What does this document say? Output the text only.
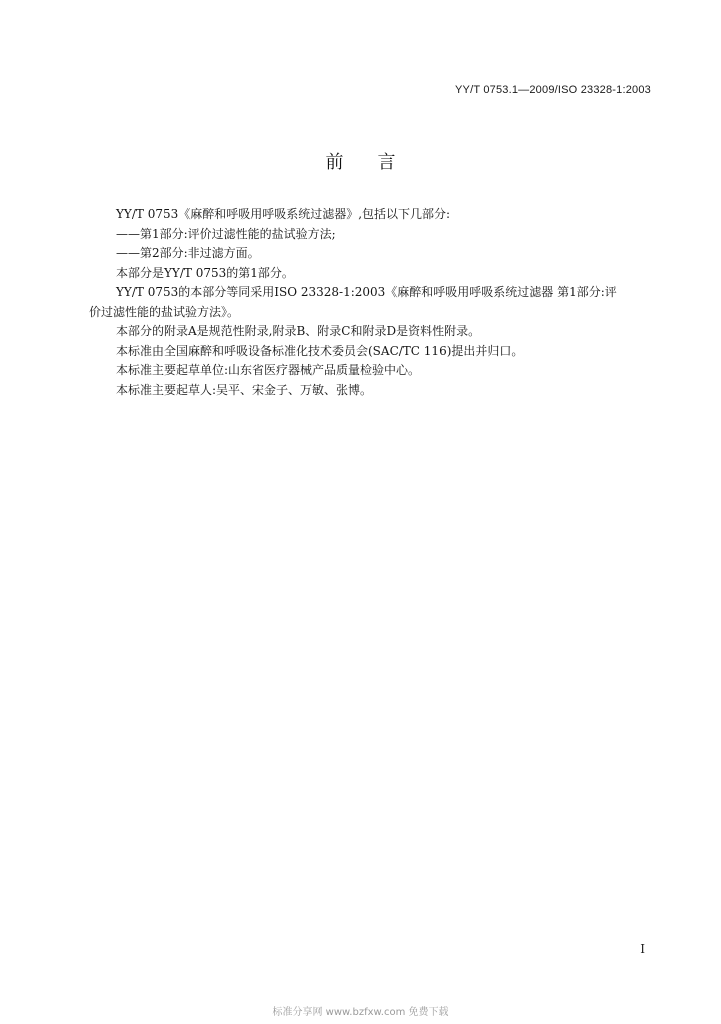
YY/T 0753.1—2009/ISO 23328-1:2003
前言

YY/T 0753《麻醉和呼吸用呼吸系统过滤器》,包括以下几部分:

——第1部分:评价过滤性能的盐试验方法;

——第2部分:非过滤方面。

本部分是YY/T 0753的第1部分。

YY/T 0753的本部分等同采用ISO 23328-1:2003《麻醉和呼吸用呼吸系统过滤器 第1部分:评

价过滤性能的盐试验方法》。

本部分的附录A是规范性附录,附录B、附录C和附录D是资料性附录。

本标准由全国麻醉和呼吸设备标准化技术委员会(SAC/TC 116)提出并归口。

本标准主要起草单位:山东省医疗器械产品质量检验中心。

本标准主要起草人:吴平、宋金子、万敏、张博。

I
标准分享网 www.bzfxw.com 免费下载
